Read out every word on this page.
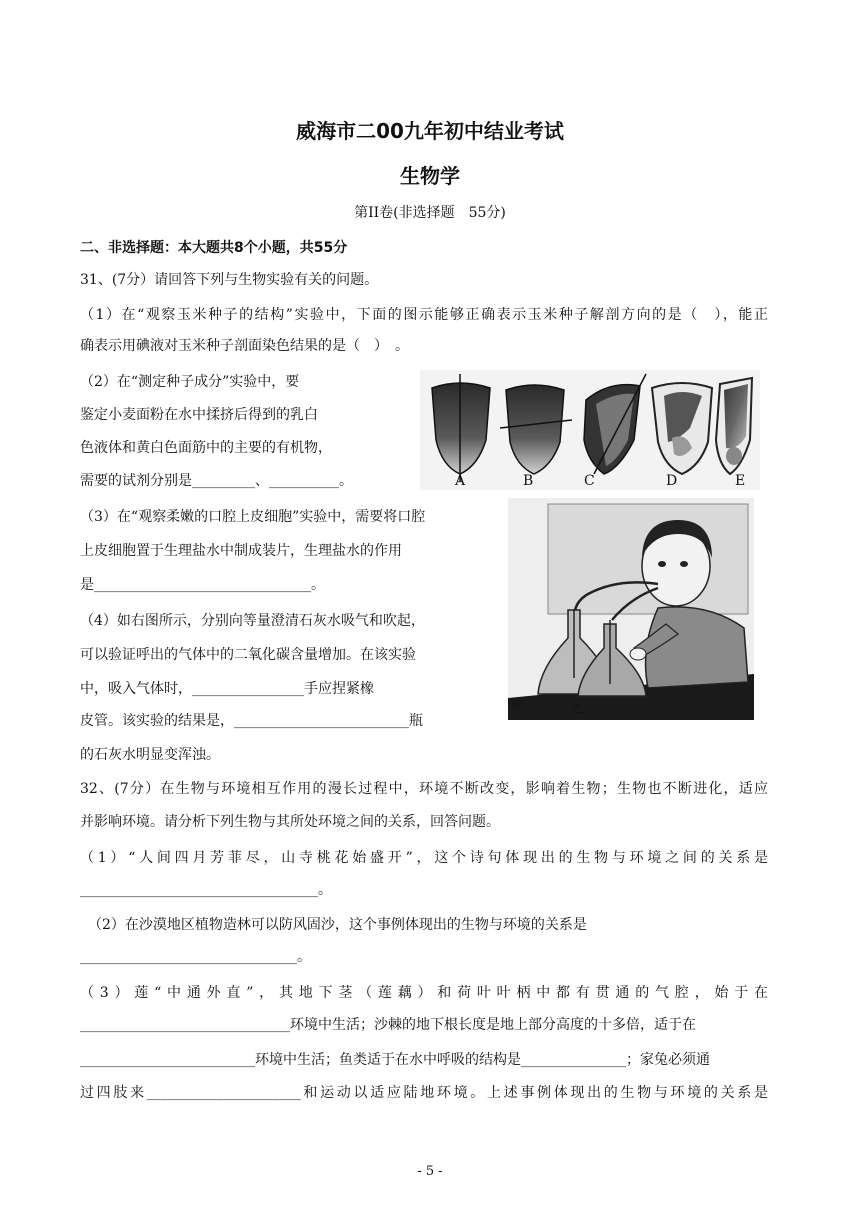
威海市二00九年初中结业考试
生物学
第II卷(非选择题　55分)
二、非选择题：本大题共8个小题，共55分
31、(7分）请回答下列与生物实验有关的问题。
（1）在“观察玉米种子的结构”实验中，下面的图示能够正确表示玉米种子解剖方向的是（　），能正
确表示用碘液对玉米种子剖面染色结果的是（　）　。
（2）在“测定种子成分”实验中，要
鉴定小麦面粉在水中揉挤后得到的乳白
色液体和黄白色面筋中的主要的有机物，
需要的试剂分别是_________、__________。	A	B	C	D	E
（3）在“观察柔嫩的口腔上皮细胞”实验中，需要将口腔
上皮细胞置于生理盐水中制成装片，生理盐水的作用
是_______________________________。
（4）如右图所示，分别向等量澄清石灰水吸气和吹起，
可以验证呼出的气体中的二氧化碳含量增加。在该实验
中，吸入气体时，________________手应捏紧橡
皮管。该实验的结果是，_________________________瓶
的石灰水明显变浑浊。
甲	乙
32、(7分）在生物与环境相互作用的漫长过程中，环境不断改变，影响着生物；生物也不断进化，适应
并影响环境。请分析下列生物与其所处环境之间的关系，回答问题。
（1）“人间四月芳菲尽，山寺桃花始盛开”，这个诗句体现出的生物与环境之间的关系是
__________________________________。
（2）在沙漠地区植物造林可以防风固沙，这个事例体现出的生物与环境的关系是
_______________________________。
（3）莲“中通外直”，其地下茎（莲藕）和荷叶叶柄中都有贯通的气腔，始于在
______________________________环境中生活；沙棘的地下根长度是地上部分高度的十多倍，适于在
_________________________环境中生活；鱼类适于在水中呼吸的结构是_______________；家兔必须通
过四肢来______________________和运动以适应陆地环境。上述事例体现出的生物与环境的关系是
- 5 -
